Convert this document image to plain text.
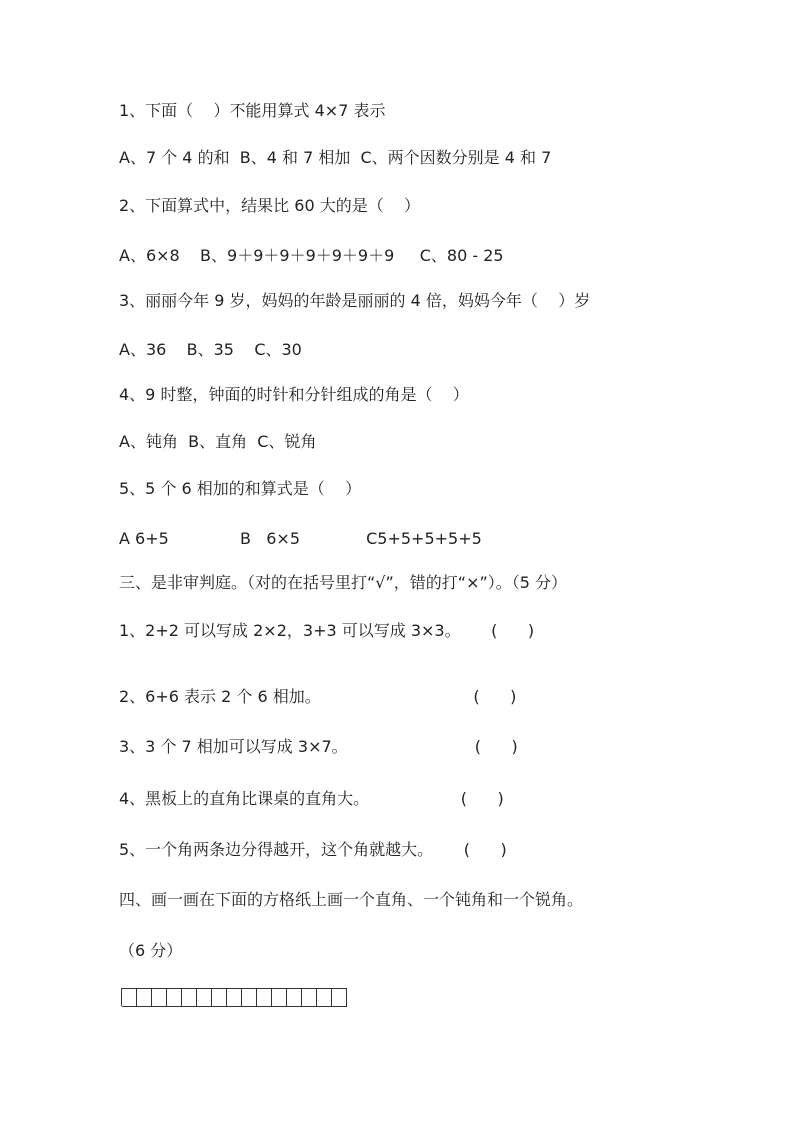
1、下面（    ）不能用算式 4×7 表示
A、7 个 4 的和  B、4 和 7 相加  C、两个因数分别是 4 和 7
2、下面算式中，结果比 60 大的是（    ）
A、6×8    B、9＋9＋9＋9＋9＋9＋9     C、80 - 25
3、丽丽今年 9 岁，妈妈的年龄是丽丽的 4 倍，妈妈今年（    ）岁
A、36    B、35    C、30
4、9 时整，钟面的时针和分针组成的角是（    ）
A、钝角  B、直角  C、锐角
5、5 个 6 相加的和算式是（    ）
A 6+5              B   6×5             C5+5+5+5+5
三、是非审判庭。（对的在括号里打“√”，错的打“×”）。（5 分）
1、2+2 可以写成 2×2，3+3 可以写成 3×3。      (      )
2、6+6 表示 2 个 6 相加。                              (      )
3、3 个 7 相加可以写成 3×7。                         (      )
4、黑板上的直角比课桌的直角大。                  (      )
5、一个角两条边分得越开，这个角就越大。      (      )
四、画一画在下面的方格纸上画一个直角、一个钝角和一个锐角。
（6 分）
